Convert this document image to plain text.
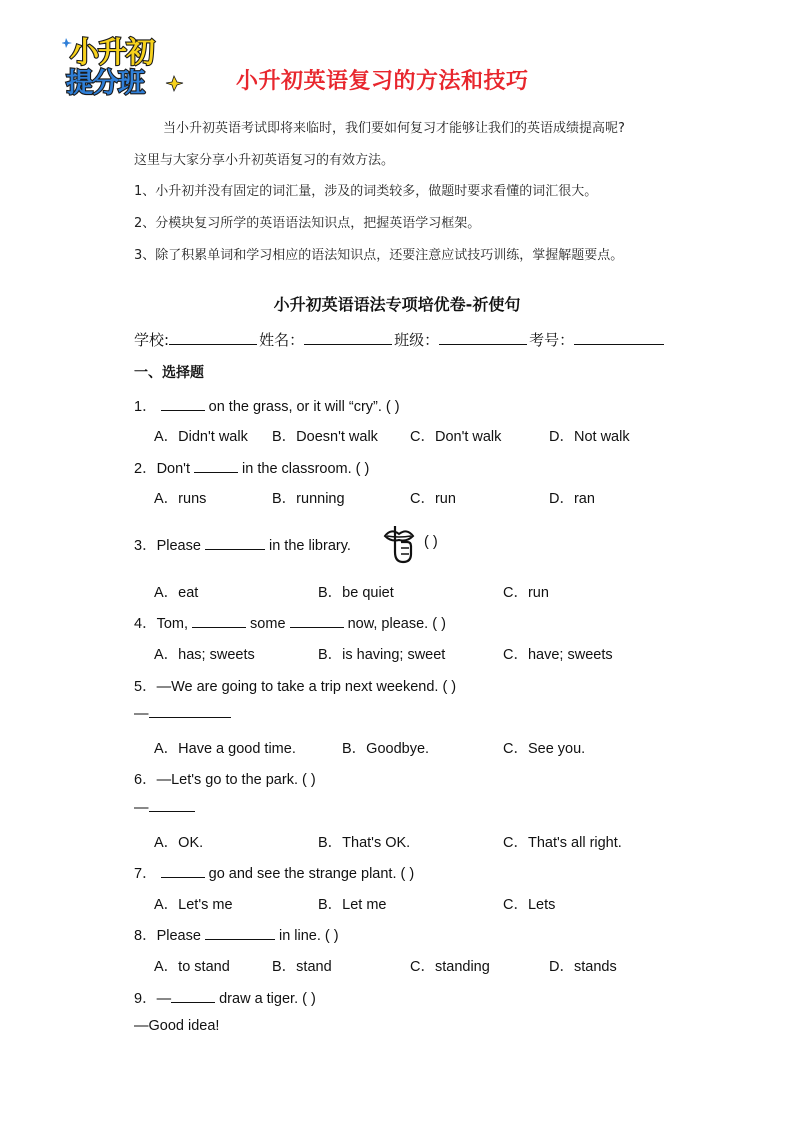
小升初
提分班	小升初英语复习的方法和技巧
当小升初英语考试即将来临时，我们要如何复习才能够让我们的英语成绩提高呢?
这里与大家分享小升初英语复习的有效方法。
1、小升初并没有固定的词汇量，涉及的词类较多，做题时要求看懂的词汇很大。
2、分模块复习所学的英语语法知识点，把握英语学习框架。
3、除了积累单词和学习相应的语法知识点，还要注意应试技巧训练，掌握解题要点。
小升初英语语法专项培优卷-祈使句
学校:	姓名：	班级：	考号：
一、选择题
1．	on the grass, or it will “cry”. ( )
A．Didn't walk B．Doesn't walk C．Don't walk	D．Not walk
2．Don't	in the classroom. ( )
A．runs	B．running	C．run	D．ran
3．Please	in the library.	( )
A．eat	B．be quiet	C．run
4．Tom,	some	now, please. ( )
A．has; sweets	B．is having; sweet	C．have; sweets
5．—We are going to take a trip next weekend. ( )
—
A．Have a good time.	B．Goodbye.	C．See you.
6．—Let's go to the park. ( )
—
A．OK.	B．That's OK.	C．That's all right.
7．	go and see the strange plant. ( )
A．Let's me	B．Let me	C．Lets
8．Please	in line. ( )
A．to stand	B．stand	C．standing	D．stands
9．—	draw a tiger. ( )
—Good idea!
